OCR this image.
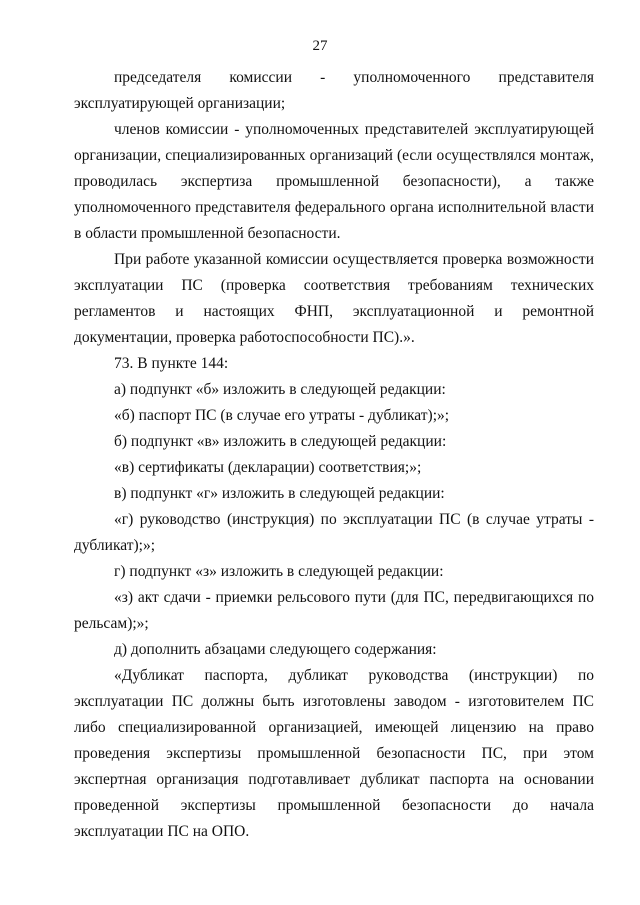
27

председателя комиссии - уполномоченного представителя эксплуатирующей организации;

членов комиссии - уполномоченных представителей эксплуатирующей организации, специализированных организаций (если осуществлялся монтаж, проводилась экспертиза промышленной безопасности), а также уполномоченного представителя федерального органа исполнительной власти в области промышленной безопасности.

При работе указанной комиссии осуществляется проверка возможности эксплуатации ПС (проверка соответствия требованиям технических регламентов и настоящих ФНП, эксплуатационной и ремонтной документации, проверка работоспособности ПС).».

73. В пункте 144:

а) подпункт «б» изложить в следующей редакции:

«б) паспорт ПС (в случае его утраты - дубликат);»;

б) подпункт «в» изложить в следующей редакции:

«в) сертификаты (декларации) соответствия;»;

в) подпункт «г» изложить в следующей редакции:

«г) руководство (инструкция) по эксплуатации ПС (в случае утраты - дубликат);»;

г) подпункт «з» изложить в следующей редакции:

«з) акт сдачи - приемки рельсового пути (для ПС, передвигающихся по рельсам);»;

д) дополнить абзацами следующего содержания:

«Дубликат паспорта, дубликат руководства (инструкции) по эксплуатации ПС должны быть изготовлены заводом - изготовителем ПС либо специализированной организацией, имеющей лицензию на право проведения экспертизы промышленной безопасности ПС, при этом экспертная организация подготавливает дубликат паспорта на основании проведенной экспертизы промышленной безопасности до начала эксплуатации ПС на ОПО.
